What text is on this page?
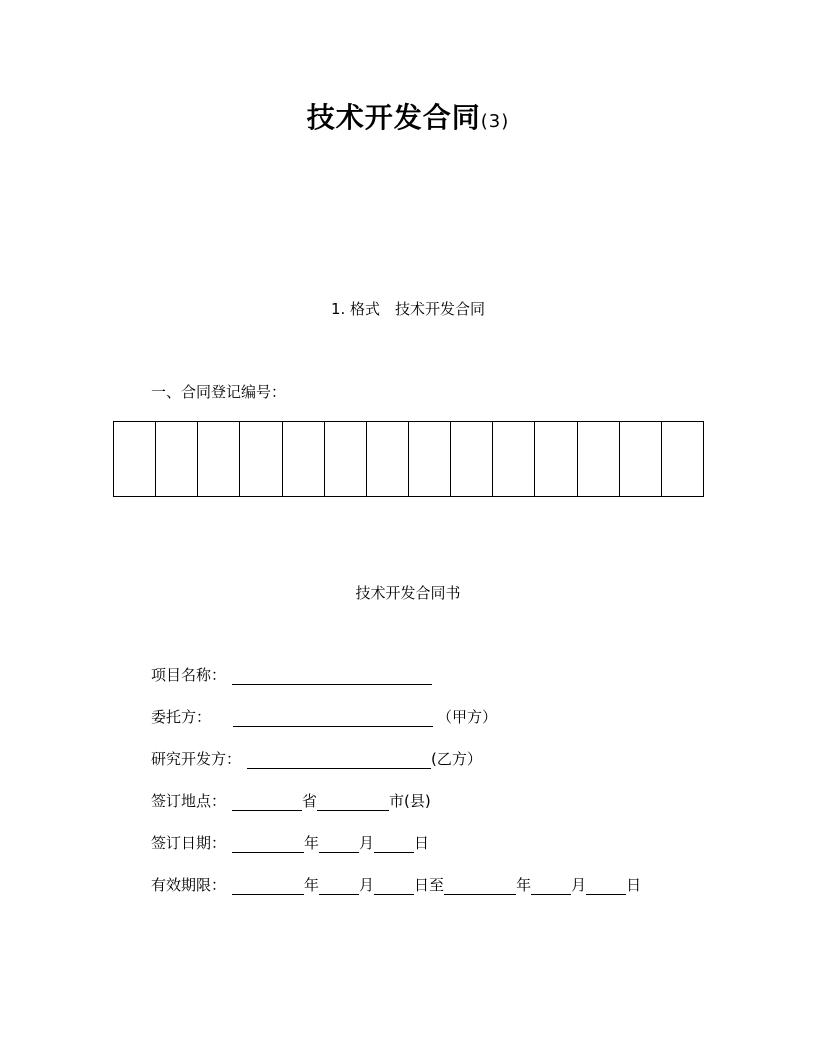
技术开发合同(3)
1. 格式　技术开发合同
一、合同登记编号：

技术开发合同书
项目名称：
委托方：	（甲方）
研究开发方：	(乙方）
签订地点：	省	市(县)
签订日期：	年	月	日
有效期限：	年	月	日至	年	月	日
